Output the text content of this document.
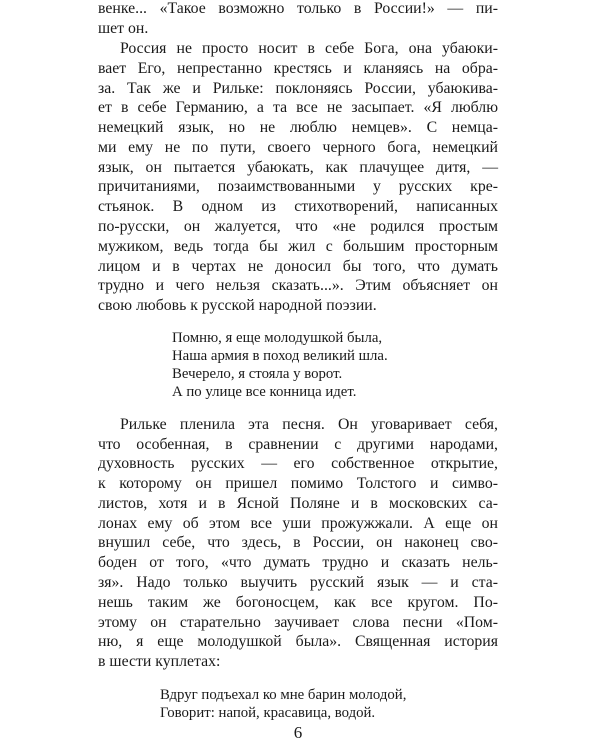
венке... «Такое возможно только в России!» — пи-
шет он.
Россия не просто носит в себе Бога, она убаюки-
вает Его, непрестанно крестясь и кланяясь на обра-
за. Так же и Рильке: поклоняясь России, убаюкива-
ет в себе Германию, а та все не засыпает. «Я люблю
немецкий язык, но не люблю немцев». С немца-
ми ему не по пути, своего черного бога, немецкий
язык, он пытается убаюкать, как плачущее дитя, —
причитаниями, позаимствованными у русских кре-
стьянок. В одном из стихотворений, написанных
по-русски, он жалуется, что «не родился простым
мужиком, ведь тогда бы жил с большим просторным
лицом и в чертах не доносил бы того, что думать
трудно и чего нельзя сказать...». Этим объясняет он
свою любовь к русской народной поэзии.
Помню, я еще молодушкой была,
Наша армия в поход великий шла.
Вечерело, я стояла у ворот.
А по улице все конница идет.
Рильке пленила эта песня. Он уговаривает себя,
что особенная, в сравнении с другими народами,
духовность русских — его собственное открытие,
к которому он пришел помимо Толстого и симво-
листов, хотя и в Ясной Поляне и в московских са-
лонах ему об этом все уши прожужжали. А еще он
внушил себе, что здесь, в России, он наконец сво-
боден от того, «что думать трудно и сказать нель-
зя». Надо только выучить русский язык — и ста-
нешь таким же богоносцем, как все кругом. По-
этому он старательно заучивает слова песни «Пом-
ню, я еще молодушкой была». Священная история
в шести куплетах:
Вдруг подъехал ко мне барин молодой,
Говорит: напой, красавица, водой.
6
